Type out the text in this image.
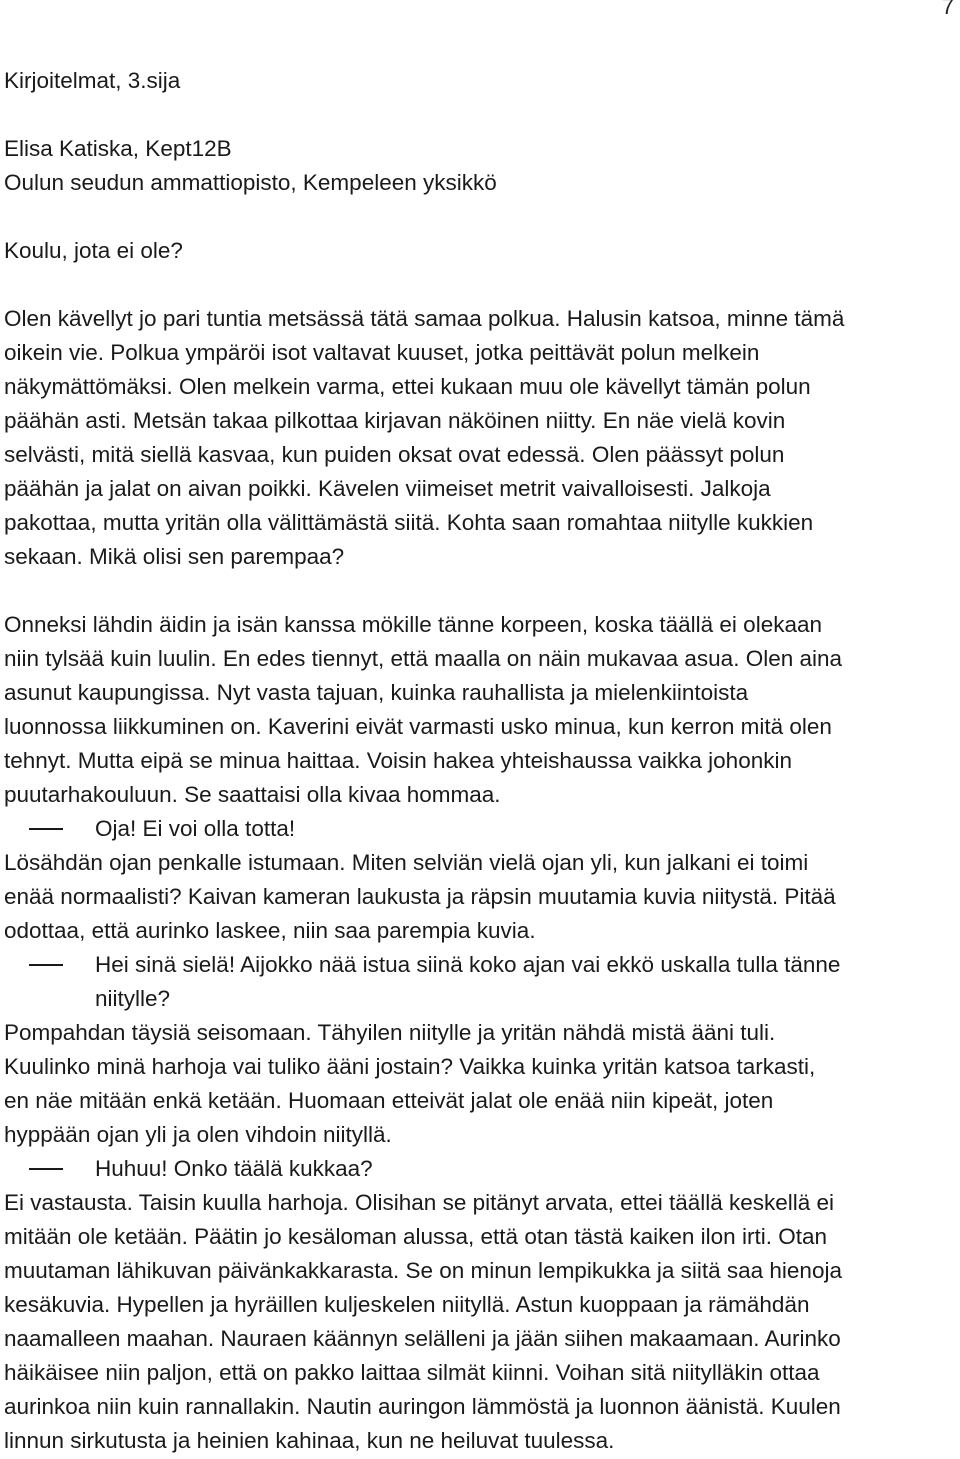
7
Kirjoitelmat, 3.sija
Elisa Katiska, Kept12B
Oulun seudun ammattiopisto, Kempeleen yksikkö
Koulu, jota ei ole?
Olen kävellyt jo pari tuntia metsässä tätä samaa polkua. Halusin katsoa, minne tämä
oikein vie. Polkua ympäröi isot valtavat kuuset, jotka peittävät polun melkein
näkymättömäksi. Olen melkein varma, ettei kukaan muu ole kävellyt tämän polun
päähän asti. Metsän takaa pilkottaa kirjavan näköinen niitty. En näe vielä kovin
selvästi, mitä siellä kasvaa, kun puiden oksat ovat edessä. Olen päässyt polun
päähän ja jalat on aivan poikki. Kävelen viimeiset metrit vaivalloisesti. Jalkoja
pakottaa, mutta yritän olla välittämästä siitä. Kohta saan romahtaa niitylle kukkien
sekaan. Mikä olisi sen parempaa?
Onneksi lähdin äidin ja isän kanssa mökille tänne korpeen, koska täällä ei olekaan
niin tylsää kuin luulin. En edes tiennyt, että maalla on näin mukavaa asua. Olen aina
asunut kaupungissa. Nyt vasta tajuan, kuinka rauhallista ja mielenkiintoista
luonnossa liikkuminen on. Kaverini eivät varmasti usko minua, kun kerron mitä olen
tehnyt. Mutta eipä se minua haittaa. Voisin hakea yhteishaussa vaikka johonkin
puutarhakouluun. Se saattaisi olla kivaa hommaa.
Oja! Ei voi olla totta!
Lösähdän ojan penkalle istumaan. Miten selviän vielä ojan yli, kun jalkani ei toimi
enää normaalisti? Kaivan kameran laukusta ja räpsin muutamia kuvia niitystä. Pitää
odottaa, että aurinko laskee, niin saa parempia kuvia.
Hei sinä sielä! Aijokko nää istua siinä koko ajan vai ekkö uskalla tulla tänne
niitylle?
Pompahdan täysiä seisomaan. Tähyilen niitylle ja yritän nähdä mistä ääni tuli.
Kuulinko minä harhoja vai tuliko ääni jostain? Vaikka kuinka yritän katsoa tarkasti,
en näe mitään enkä ketään. Huomaan etteivät jalat ole enää niin kipeät, joten
hyppään ojan yli ja olen vihdoin niityllä.
Huhuu! Onko täälä kukkaa?
Ei vastausta. Taisin kuulla harhoja. Olisihan se pitänyt arvata, ettei täällä keskellä ei
mitään ole ketään. Päätin jo kesäloman alussa, että otan tästä kaiken ilon irti. Otan
muutaman lähikuvan päivänkakkarasta. Se on minun lempikukka ja siitä saa hienoja
kesäkuvia. Hypellen ja hyräillen kuljeskelen niityllä. Astun kuoppaan ja rämähdän
naamalleen maahan. Nauraen käännyn selälleni ja jään siihen makaamaan. Aurinko
häikäisee niin paljon, että on pakko laittaa silmät kiinni. Voihan sitä niitylläkin ottaa
aurinkoa niin kuin rannallakin. Nautin auringon lämmöstä ja luonnon äänistä. Kuulen
linnun sirkutusta ja heinien kahinaa, kun ne heiluvat tuulessa.
